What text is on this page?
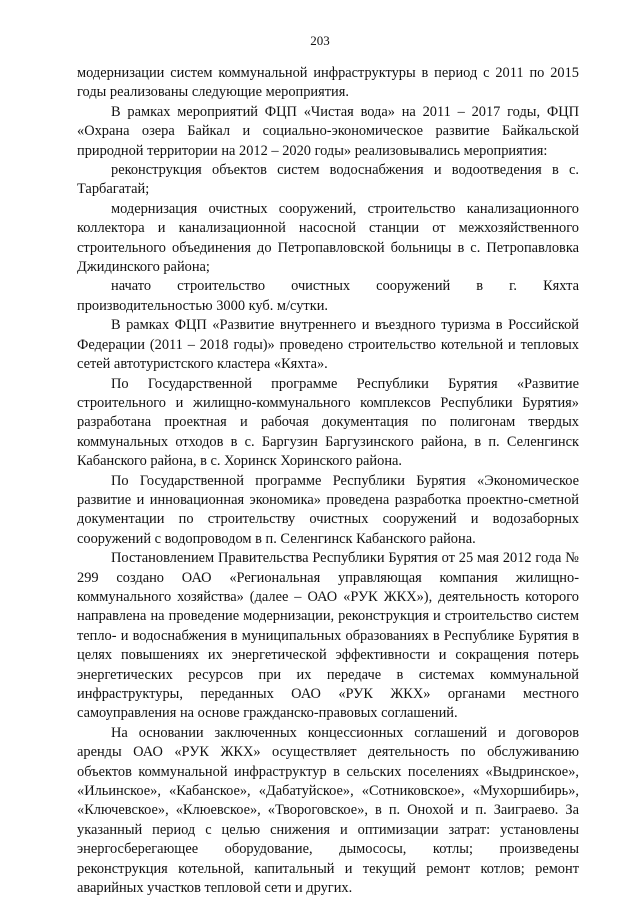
203

модернизации систем коммунальной инфраструктуры в период с 2011 по 2015 годы реализованы следующие мероприятия.

В рамках мероприятий ФЦП «Чистая вода» на 2011 – 2017 годы, ФЦП «Охрана озера Байкал и социально-экономическое развитие Байкальской природной территории на 2012 – 2020 годы» реализовывались мероприятия:

реконструкция объектов систем водоснабжения и водоотведения в с. Тарбагатай;

модернизация очистных сооружений, строительство канализационного коллектора и канализационной насосной станции от межхозяйственного строительного объединения до Петропавловской больницы в с. Петропавловка Джидинского района;

начато строительство очистных сооружений в г. Кяхта производительностью 3000 куб. м/сутки.

В рамках ФЦП «Развитие внутреннего и въездного туризма в Российской Федерации (2011 – 2018 годы)» проведено строительство котельной и тепловых сетей автотуристского кластера «Кяхта».

По Государственной программе Республики Бурятия «Развитие строительного и жилищно-коммунального комплексов Республики Бурятия» разработана проектная и рабочая документация по полигонам твердых коммунальных отходов в с. Баргузин Баргузинского района, в п. Селенгинск Кабанского района, в с. Хоринск Хоринского района.

По Государственной программе Республики Бурятия «Экономическое развитие и инновационная экономика» проведена разработка проектно-сметной документации по строительству очистных сооружений и водозаборных сооружений с водопроводом в п. Селенгинск Кабанского района.

Постановлением Правительства Республики Бурятия от 25 мая 2012 года № 299 создано ОАО «Региональная управляющая компания жилищно-коммунального хозяйства» (далее – ОАО «РУК ЖКХ»), деятельность которого направлена на проведение модернизации, реконструкция и строительство систем тепло- и водоснабжения в муниципальных образованиях в Республике Бурятия в целях повышениях их энергетической эффективности и сокращения потерь энергетических ресурсов при их передаче в системах коммунальной инфраструктуры, переданных ОАО «РУК ЖКХ» органами местного самоуправления на основе гражданско-правовых соглашений.

На основании заключенных концессионных соглашений и договоров аренды ОАО «РУК ЖКХ» осуществляет деятельность по обслуживанию объектов коммунальной инфраструктур в сельских поселениях «Выдринское», «Ильинское», «Кабанское», «Дабатуйское», «Сотниковское», «Мухоршибирь», «Ключевское», «Клюевское», «Твороговское», в п. Онохой и п. Заиграево. За указанный период с целью снижения и оптимизации затрат: установлены энергосберегающее оборудование, дымососы, котлы; произведены реконструкция котельной, капитальный и текущий ремонт котлов; ремонт аварийных участков тепловой сети и других.
